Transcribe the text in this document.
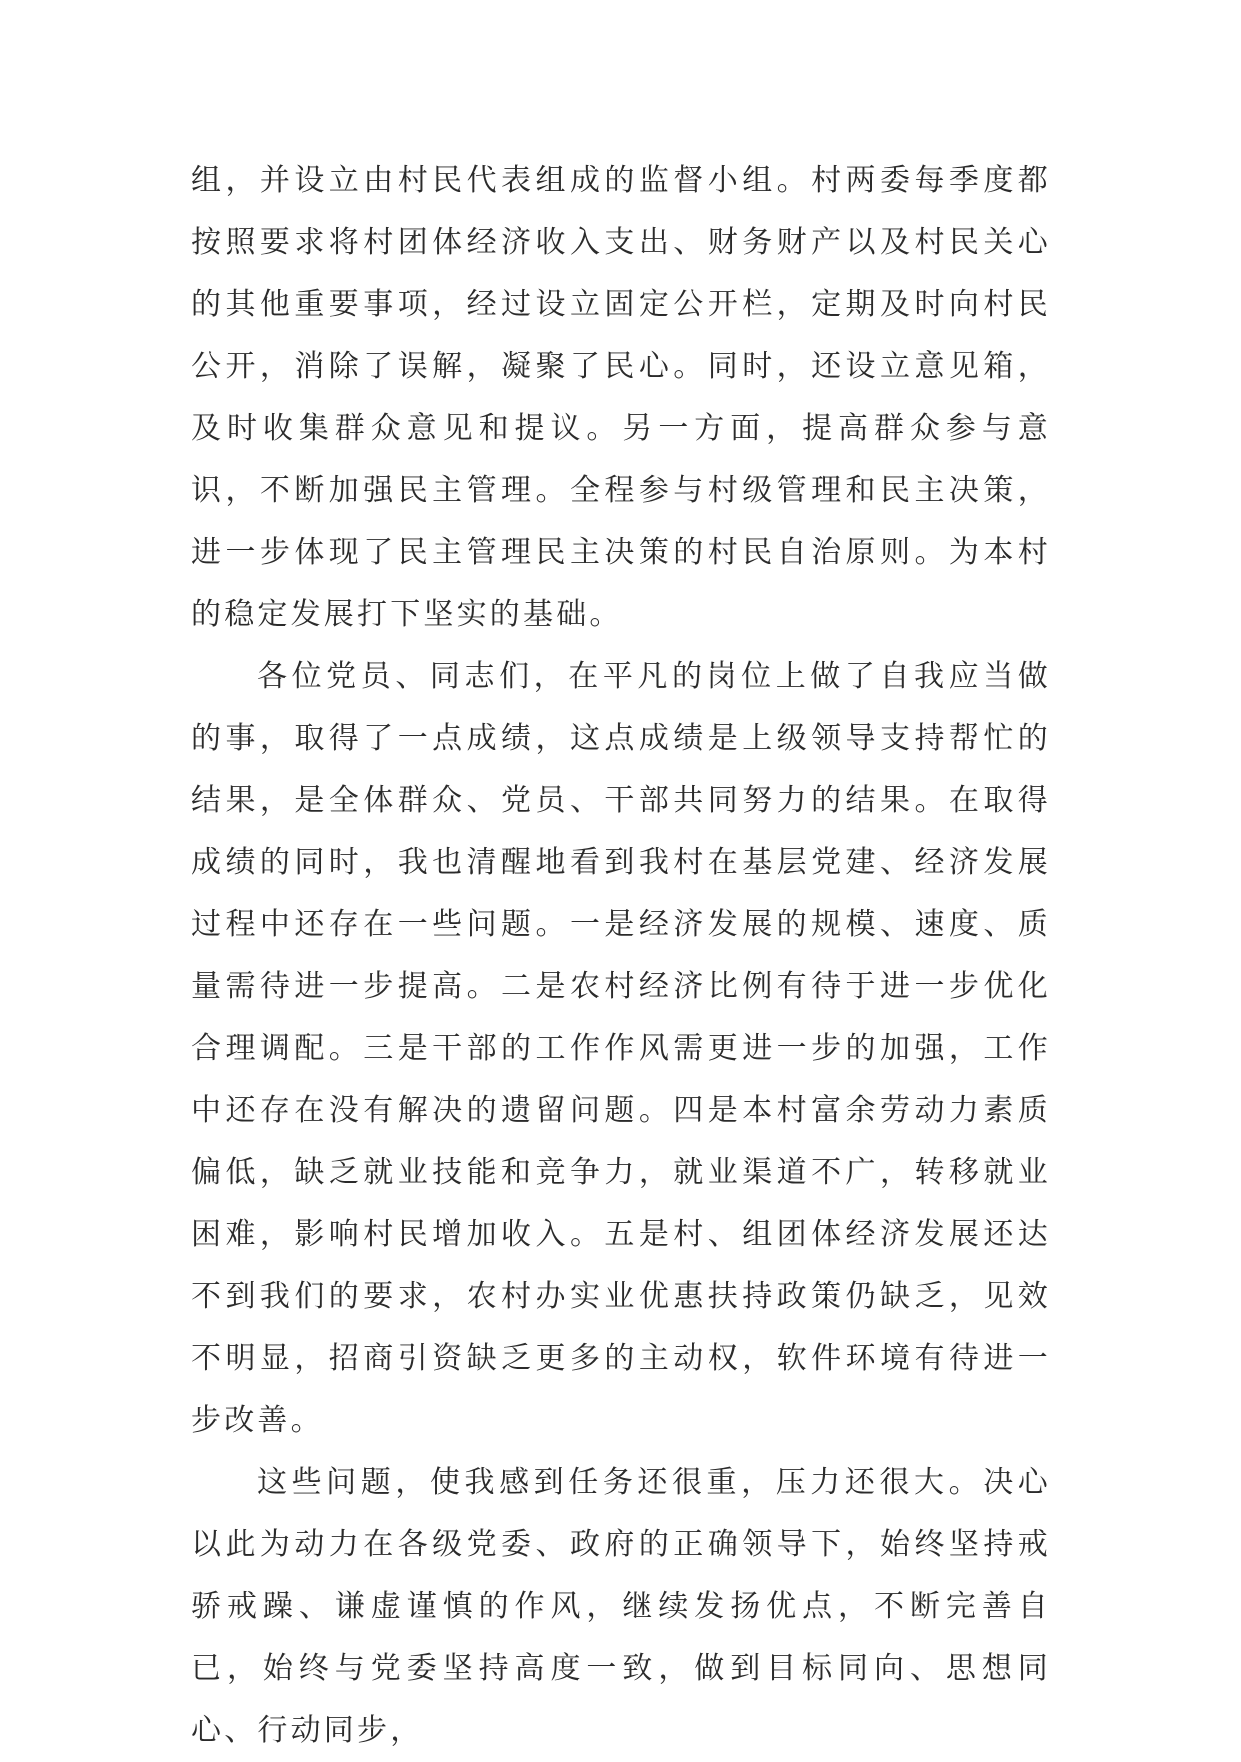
组，并设立由村民代表组成的监督小组。村两委每季度都按照要求将村团体经济收入支出、财务财产以及村民关心的其他重要事项，经过设立固定公开栏，定期及时向村民公开，消除了误解，凝聚了民心。同时，还设立意见箱，及时收集群众意见和提议。另一方面，提高群众参与意识，不断加强民主管理。全程参与村级管理和民主决策，进一步体现了民主管理民主决策的村民自治原则。为本村的稳定发展打下坚实的基础。

各位党员、同志们，在平凡的岗位上做了自我应当做的事，取得了一点成绩，这点成绩是上级领导支持帮忙的结果，是全体群众、党员、干部共同努力的结果。在取得成绩的同时，我也清醒地看到我村在基层党建、经济发展过程中还存在一些问题。一是经济发展的规模、速度、质量需待进一步提高。二是农村经济比例有待于进一步优化合理调配。三是干部的工作作风需更进一步的加强，工作中还存在没有解决的遗留问题。四是本村富余劳动力素质偏低，缺乏就业技能和竞争力，就业渠道不广，转移就业困难，影响村民增加收入。五是村、组团体经济发展还达不到我们的要求，农村办实业优惠扶持政策仍缺乏，见效不明显，招商引资缺乏更多的主动权，软件环境有待进一步改善。

这些问题，使我感到任务还很重，压力还很大。决心以此为动力在各级党委、政府的正确领导下，始终坚持戒骄戒躁、谦虚谨慎的作风，继续发扬优点，不断完善自已，始终与党委坚持高度一致，做到目标同向、思想同心、行动同步，
